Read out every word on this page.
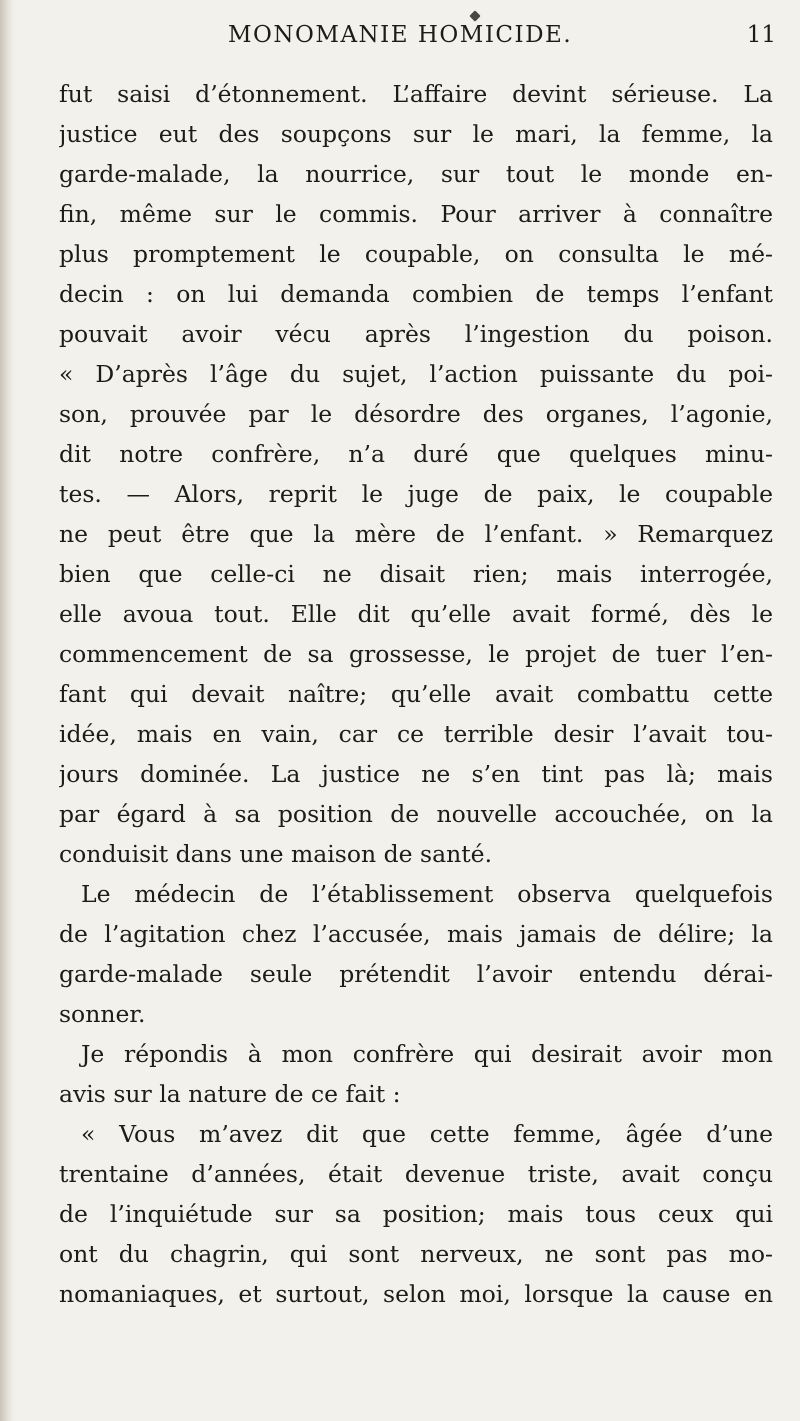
MONOMANIE HOMICIDE.	11
fut saisi d’étonnement. L’affaire devint sérieuse. La
justice eut des soupçons sur le mari, la femme, la
garde-malade, la nourrice, sur tout le monde en-
fin, même sur le commis. Pour arriver à connaître
plus promptement le coupable, on consulta le mé-
decin : on lui demanda combien de temps l’enfant
pouvait avoir vécu après l’ingestion du poison.
« D’après l’âge du sujet, l’action puissante du poi-
son, prouvée par le désordre des organes, l’agonie,
dit notre confrère, n’a duré que quelques minu-
tes. — Alors, reprit le juge de paix, le coupable
ne peut être que la mère de l’enfant. » Remarquez
bien que celle-ci ne disait rien; mais interrogée,
elle avoua tout. Elle dit qu’elle avait formé, dès le
commencement de sa grossesse, le projet de tuer l’en-
fant qui devait naître; qu’elle avait combattu cette
idée, mais en vain, car ce terrible desir l’avait tou-
jours dominée. La justice ne s’en tint pas là; mais
par égard à sa position de nouvelle accouchée, on la
conduisit dans une maison de santé.
Le médecin de l’établissement observa quelquefois
de l’agitation chez l’accusée, mais jamais de délire; la
garde-malade seule prétendit l’avoir entendu dérai-
sonner.
Je répondis à mon confrère qui desirait avoir mon
avis sur la nature de ce fait :
« Vous m’avez dit que cette femme, âgée d’une
trentaine d’années, était devenue triste, avait conçu
de l’inquiétude sur sa position; mais tous ceux qui
ont du chagrin, qui sont nerveux, ne sont pas mo-
nomaniaques, et surtout, selon moi, lorsque la cause en
